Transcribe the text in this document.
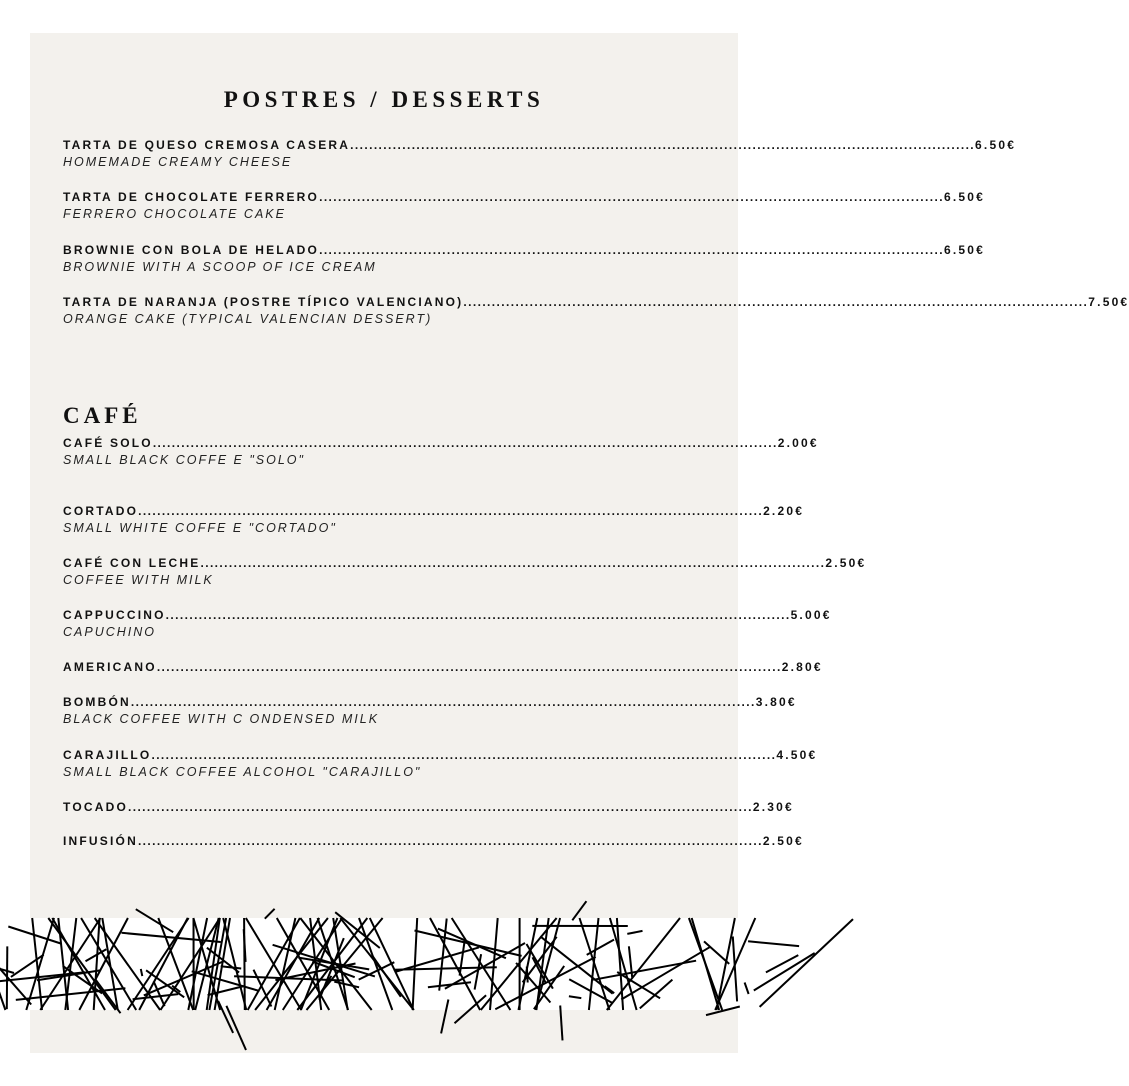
POSTRES / DESSERTS
TARTA DE QUESO CREMOSA CASERA .................................................................................................................................... 6.50€
HOMEMADE CREAMY CHEESE
TARTA DE CHOCOLATE FERRERO .................................................................................................................................... 6.50€
FERRERO CHOCOLATE CAKE
BROWNIE CON BOLA DE HELADO .................................................................................................................................... 6.50€
BROWNIE WITH A SCOOP OF ICE CREAM
TARTA DE NARANJA (POSTRE TÍPICO VALENCIANO) .................................................................................................................................... 7.50€
ORANGE CAKE (TYPICAL VALENCIAN DESSERT)
CAFÉ
CAFÉ SOLO .................................................................................................................................... 2.00€
SMALL BLACK COFFE E "SOLO"
CORTADO .................................................................................................................................... 2.20€
SMALL WHITE COFFE E "CORTADO"
CAFÉ CON LECHE .................................................................................................................................... 2.50€
COFFEE WITH MILK
CAPPUCCINO .................................................................................................................................... 5.00€
CAPUCHINO
AMERICANO .................................................................................................................................... 2.80€
BOMBÓN .................................................................................................................................... 3.80€
BLACK COFFEE WITH C ONDENSED MILK
CARAJILLO .................................................................................................................................... 4.50€
SMALL BLACK COFFEE ALCOHOL "CARAJILLO"
TOCADO .................................................................................................................................... 2.30€
INFUSIÓN .................................................................................................................................... 2.50€
